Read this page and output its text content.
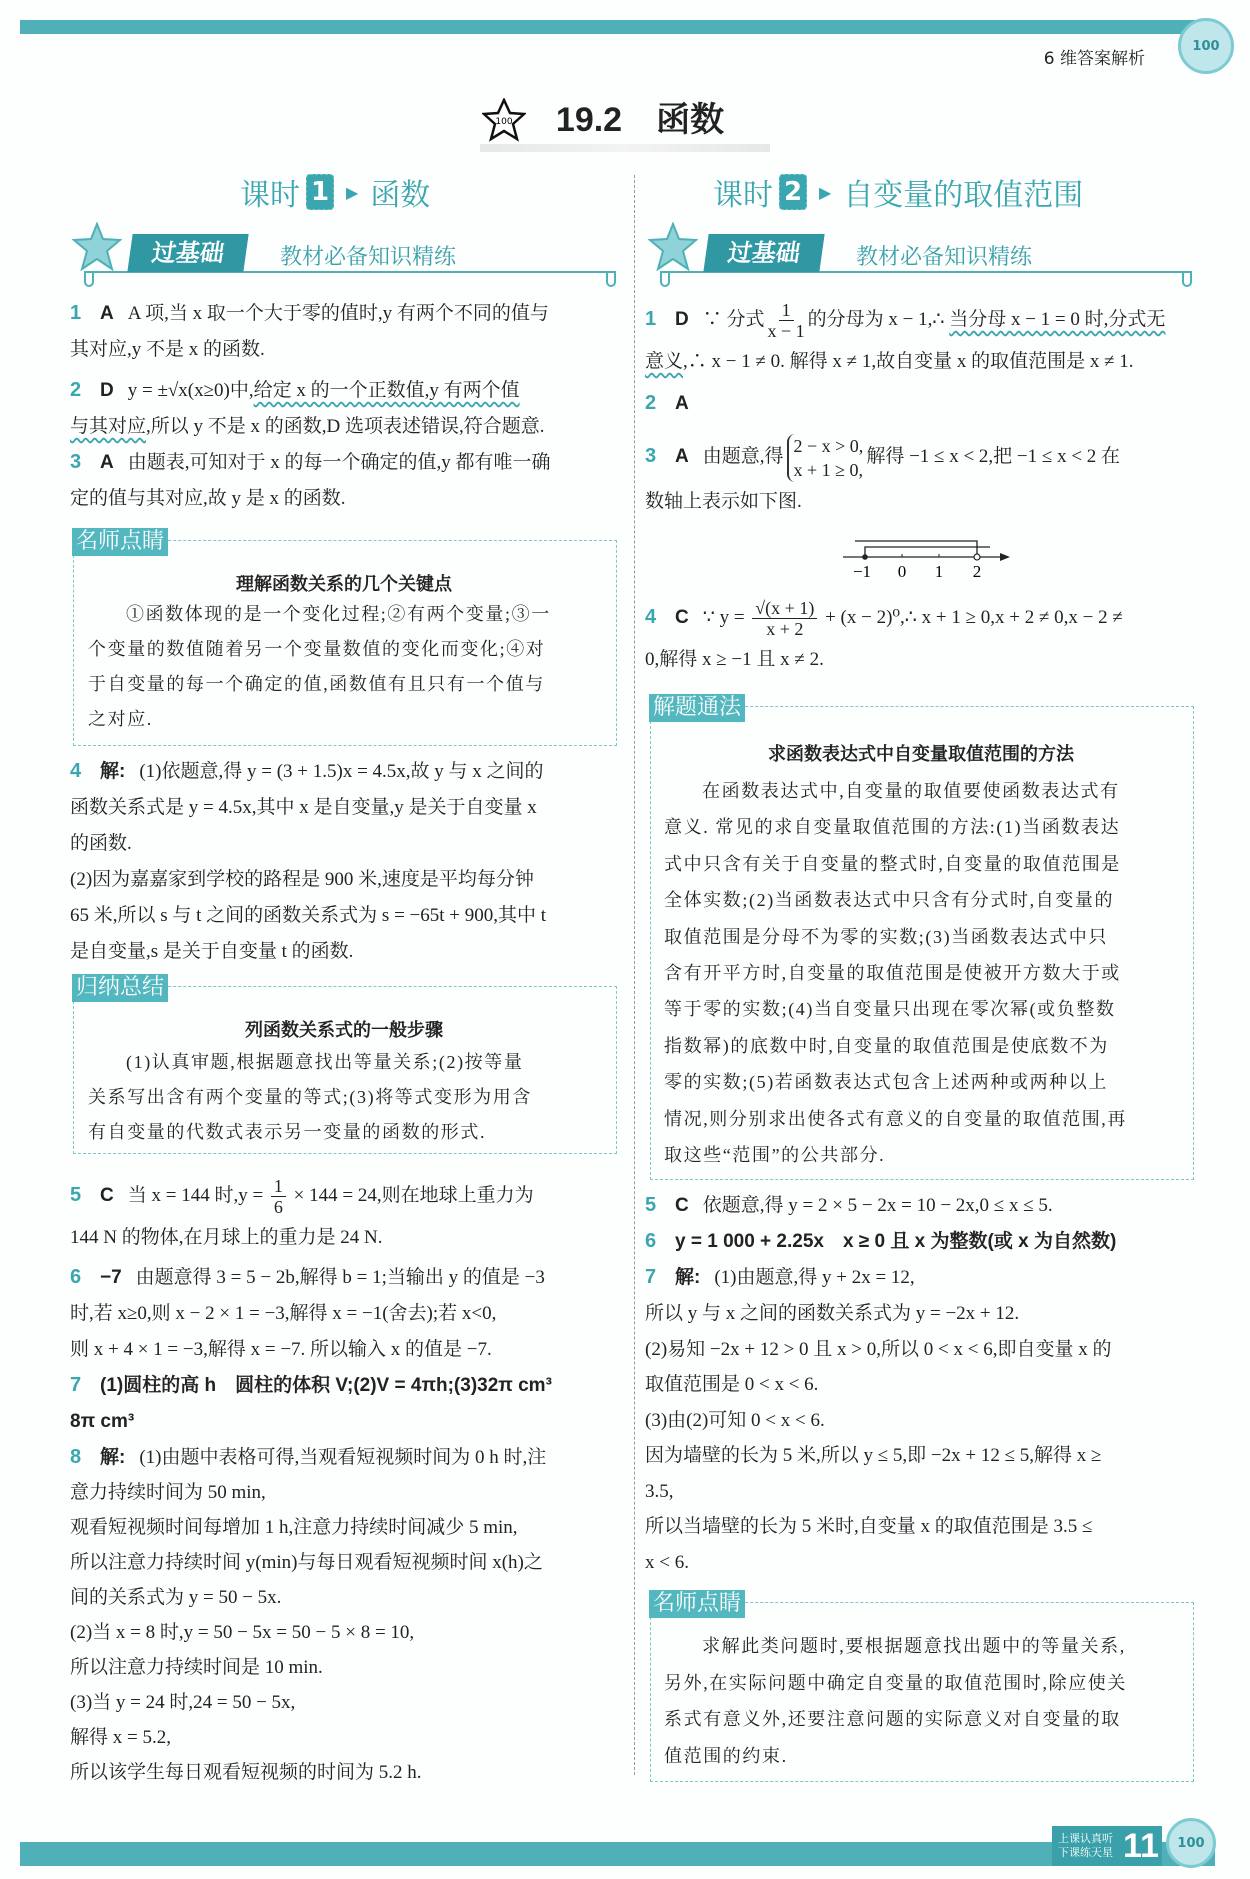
100
6 维答案解析
100	19.2 函数
课时 1	▶ 函数	课时 2	▶ 自变量的取值范围
过基础	教材必备知识精练	过基础	教材必备知识精练
1 A A 项,当 x 取一个大于零的值时,y 有两个不同的值与
其对应,y 不是 x 的函数.
2 D y = ±√x(x≥0)中,给定 x 的一个正数值,y 有两个值
与其对应,所以 y 不是 x 的函数,D 选项表述错误,符合题意.
3 A 由题表,可知对于 x 的每一个确定的值,y 都有唯一确
定的值与其对应,故 y 是 x 的函数.
名师点睛
理解函数关系的几个关键点
①函数体现的是一个变化过程;②有两个变量;③一
个变量的数值随着另一个变量数值的变化而变化;④对
于自变量的每一个确定的值,函数值有且只有一个值与
之对应.
4 解: (1)依题意,得 y = (3 + 1.5)x = 4.5x,故 y 与 x 之间的
函数关系式是 y = 4.5x,其中 x 是自变量,y 是关于自变量 x
的函数.
(2)因为嘉嘉家到学校的路程是 900 米,速度是平均每分钟
65 米,所以 s 与 t 之间的函数关系式为 s = −65t + 900,其中 t
是自变量,s 是关于自变量 t 的函数.
归纳总结
列函数关系式的一般步骤
(1)认真审题,根据题意找出等量关系;(2)按等量
关系写出含有两个变量的等式;(3)将等式变形为用含
有自变量的代数式表示另一变量的函数的形式.
5 C 当 x = 144 时$,y = \frac{1}{6} \times 144 = 24$,则在地球上重力为
144 N 的物体,在月球上的重力是 24 N.
6 −7 由题意得 3 = 5 − 2b,解得 b = 1;当输出 y 的值是 −3
时,若 x≥0,则 x − 2 × 1 = −3,解得 x = −1(舍去);若 x<0,
则 x + 4 × 1 = −3,解得 x = −7. 所以输入 x 的值是 −7.
7 (1)圆柱的高 h　圆柱的体积 V;(2)V = 4πh;(3)32π cm³
8π cm³
8 解: (1)由题中表格可得,当观看短视频时间为 0 h 时,注
意力持续时间为 50 min,
观看短视频时间每增加 1 h,注意力持续时间减少 5 min,
所以注意力持续时间 y(min)与每日观看短视频时间 x(h)之
间的关系式为 y = 50 − 5x.
(2)当 x = 8 时,y = 50 − 5x = 50 − 5 × 8 = 10,
所以注意力持续时间是 10 min.
(3)当 y = 24 时,24 = 50 − 5x,
解得 x = 5.2,
所以该学生每日观看短视频的时间为 5.2 h.
1 D ∵ 分式 $\frac{1}{x - 1}$ 的分母为 x − 1,∴ 当分母 x − 1 = 0 时,分式无
意义,∴ x − 1 ≠ 0. 解得 x ≠ 1,故自变量 x 的取值范围是 x ≠ 1.
2 A
3 A 由题意,得
2 − x > 0,
x + 1 ≥ 0,
解得 −1 ≤ x < 2,把 −1 ≤ x < 2 在
数轴上表示如下图.
−1 0 1 2
4 C ∵ $y = \frac{√(x + 1)}{x + 2} + (x$ − 2)⁰,∴ x + 1 ≥ 0,x + 2 ≠ 0,x − 2 ≠
0,解得 x ≥ −1 且 x ≠ 2.
解题通法
求函数表达式中自变量取值范围的方法
在函数表达式中,自变量的取值要使函数表达式有
意义. 常见的求自变量取值范围的方法:(1)当函数表达
式中只含有关于自变量的整式时,自变量的取值范围是
全体实数;(2)当函数表达式中只含有分式时,自变量的
取值范围是分母不为零的实数;(3)当函数表达式中只
含有开平方时,自变量的取值范围是使被开方数大于或
等于零的实数;(4)当自变量只出现在零次幂(或负整数
指数幂)的底数中时,自变量的取值范围是使底数不为
零的实数;(5)若函数表达式包含上述两种或两种以上
情况,则分别求出使各式有意义的自变量的取值范围,再
取这些“范围”的公共部分.
5 C 依题意,得 y = 2 × 5 − 2x = 10 − 2x,0 ≤ x ≤ 5.
6 y = 1 000 + 2.25x　x ≥ 0 且 x 为整数(或 x 为自然数)
7 解: (1)由题意,得 y + 2x = 12,
所以 y 与 x 之间的函数关系式为 y = −2x + 12.
(2)易知 −2x + 12 > 0 且 x > 0,所以 0 < x < 6,即自变量 x 的
取值范围是 0 < x < 6.
(3)由(2)可知 0 < x < 6.
因为墙壁的长为 5 米,所以 y ≤ 5,即 −2x + 12 ≤ 5,解得 x ≥
3.5,
所以当墙壁的长为 5 米时,自变量 x 的取值范围是 3.5 ≤
x < 6.
名师点睛
求解此类问题时,要根据题意找出题中的等量关系,
另外,在实际问题中确定自变量的取值范围时,除应使关
系式有意义外,还要注意问题的实际意义对自变量的取
值范围的约束.
上课认真听
下课练天星 11 100
